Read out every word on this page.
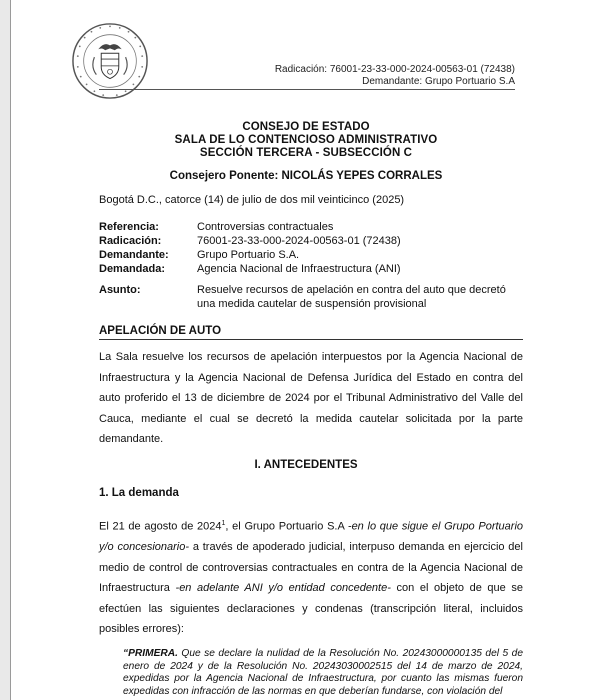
Radicación: 76001-23-33-000-2024-00563-01 (72438)
Demandante: Grupo Portuario S.A
CONSEJO DE ESTADO
SALA DE LO CONTENCIOSO ADMINISTRATIVO
SECCIÓN TERCERA - SUBSECCIÓN C
Consejero Ponente: NICOLÁS YEPES CORRALES
Bogotá D.C., catorce (14) de julio de dos mil veinticinco (2025)
Referencia:	Controversias contractuales
Radicación:	76001-23-33-000-2024-00563-01 (72438)
Demandante:	Grupo Portuario S.A.
Demandada:	Agencia Nacional de Infraestructura (ANI)
Asunto:	Resuelve recursos de apelación en contra del auto que decretó una medida cautelar de suspensión provisional
APELACIÓN DE AUTO

La Sala resuelve los recursos de apelación interpuestos por la Agencia Nacional de Infraestructura y la Agencia Nacional de Defensa Jurídica del Estado en contra del auto proferido el 13 de diciembre de 2024 por el Tribunal Administrativo del Valle del Cauca, mediante el cual se decretó la medida cautelar solicitada por la parte demandante.

I. ANTECEDENTES
1. La demanda

El 21 de agosto de 2024$^1$, el Grupo Portuario S.A -en lo que sigue el Grupo Portuario y/o concesionario- a través de apoderado judicial, interpuso demanda en ejercicio del medio de control de controversias contractuales en contra de la Agencia Nacional de Infraestructura -en adelante ANI y/o entidad concedente- con el objeto de que se efectúen las siguientes declaraciones y condenas (transcripción literal, incluidos posibles errores):

“PRIMERA. Que se declare la nulidad de la Resolución No. 20243000000135 del 5 de enero de 2024 y de la Resolución No. 20243030002515 del 14 de marzo de 2024, expedidas por la Agencia Nacional de Infraestructura, por cuanto las mismas fueron expedidas con infracción de las normas en que deberían fundarse, con violación del
